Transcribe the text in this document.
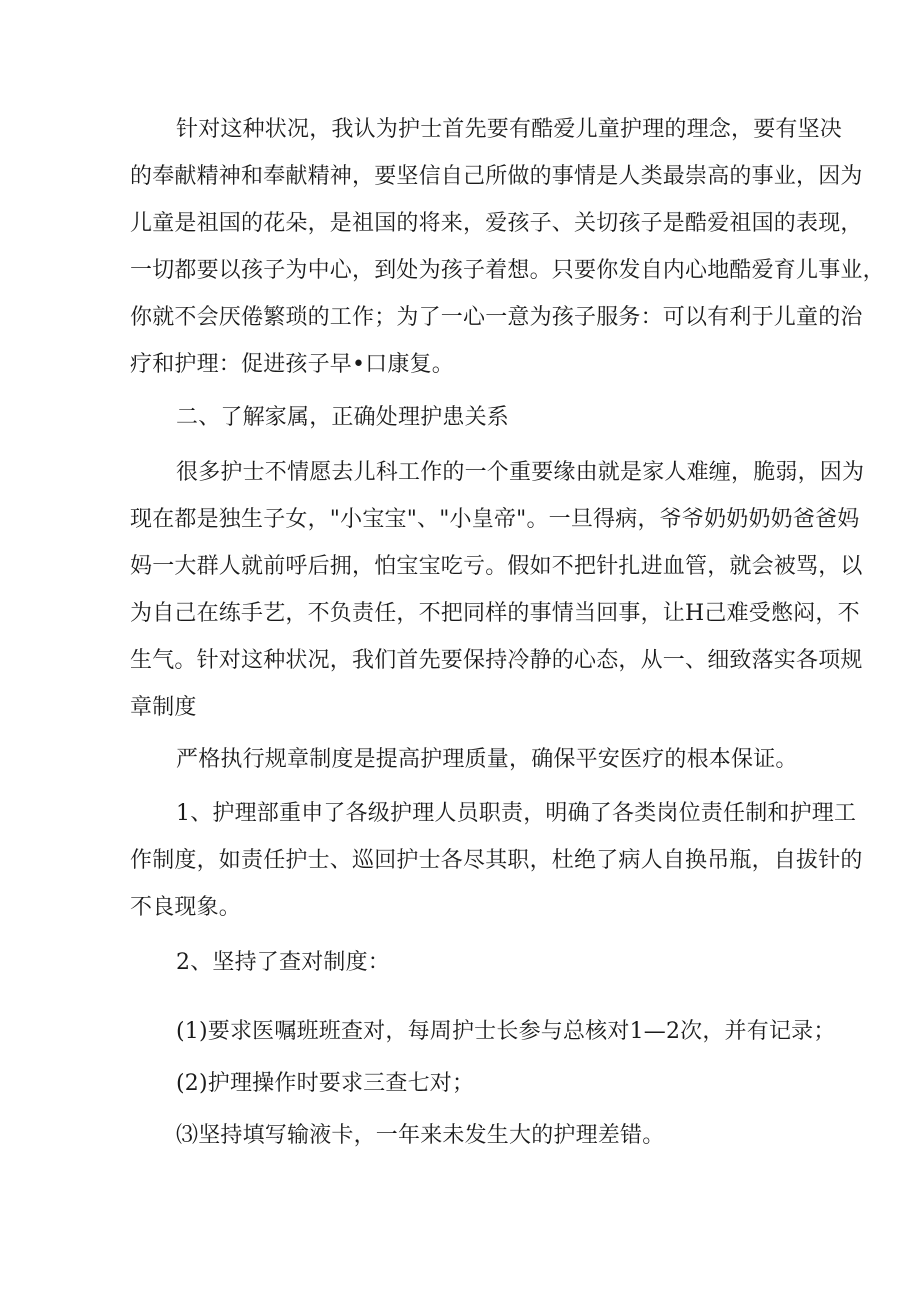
针对这种状况，我认为护士首先要有酷爱儿童护理的理念，要有坚决
的奉献精神和奉献精神，要坚信自己所做的事情是人类最崇高的事业，因为
儿童是祖国的花朵，是祖国的将来，爱孩子、关切孩子是酷爱祖国的表现，
一切都要以孩子为中心，到处为孩子着想。只要你发自内心地酷爱育儿事业，
你就不会厌倦繁琐的工作；为了一心一意为孩子服务：可以有利于儿童的治
疗和护理：促进孩子早•口康复。
二、了解家属，正确处理护患关系
很多护士不情愿去儿科工作的一个重要缘由就是家人难缠，脆弱，因为
现在都是独生子女，"小宝宝"、"小皇帝"。一旦得病，爷爷奶奶奶奶爸爸妈
妈一大群人就前呼后拥，怕宝宝吃亏。假如不把针扎进血管，就会被骂，以
为自己在练手艺，不负责任，不把同样的事情当回事，让H己难受憋闷，不
生气。针对这种状况，我们首先要保持冷静的心态，从一、细致落实各项规
章制度
严格执行规章制度是提高护理质量，确保平安医疗的根本保证。
1、护理部重申了各级护理人员职责，明确了各类岗位责任制和护理工
作制度，如责任护士、巡回护士各尽其职，杜绝了病人自换吊瓶，自拔针的
不良现象。
2、坚持了查对制度：
(1)要求医嘱班班查对，每周护士长参与总核对1—2次，并有记录；
(2)护理操作时要求三查七对；
⑶坚持填写输液卡，一年来未发生大的护理差错。
